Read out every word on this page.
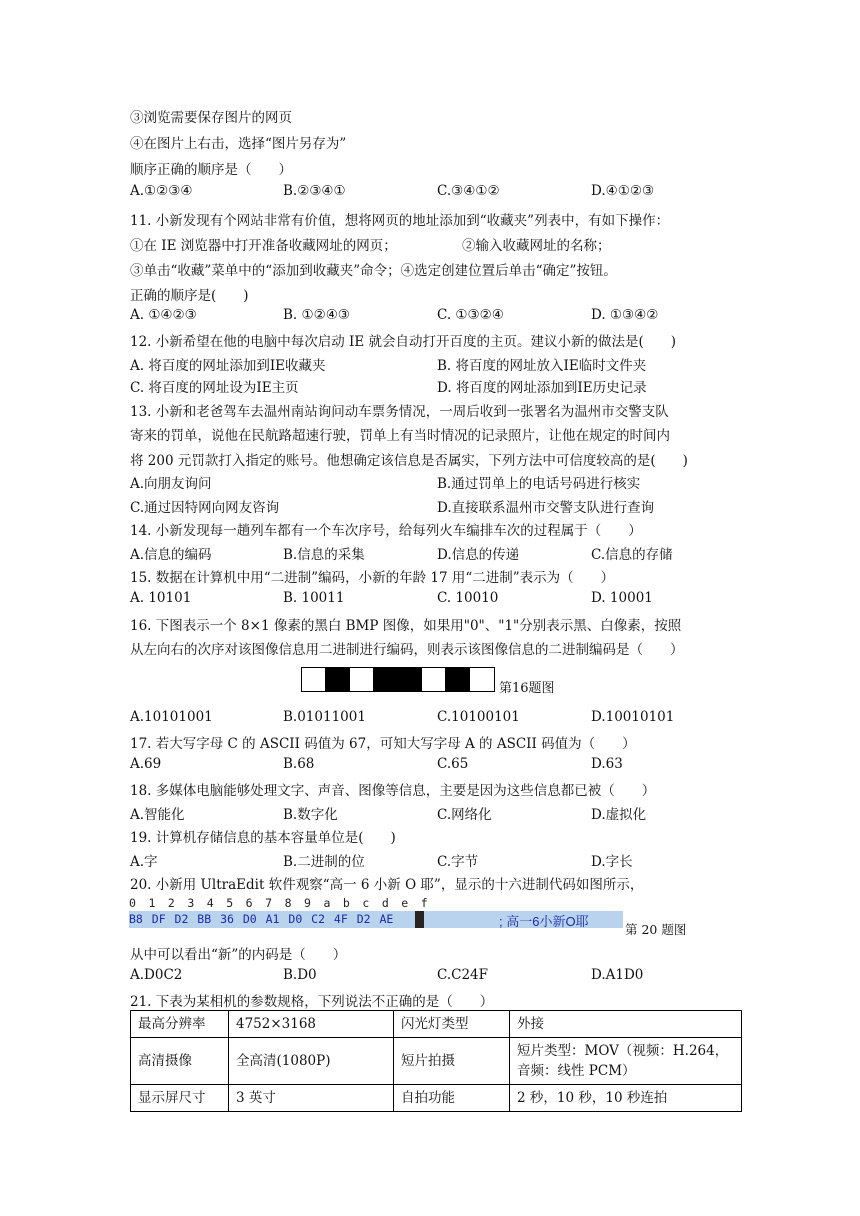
③浏览需要保存图片的网页
④在图片上右击，选择“图片另存为”
顺序正确的顺序是（　　）
A.①②③④	B.②③④①	C.③④①②	D.④①②③
11. 小新发现有个网站非常有价值，想将网页的地址添加到“收藏夹”列表中，有如下操作：
①在 IE 浏览器中打开准备收藏网址的网页；	②输入收藏网址的名称；
③单击“收藏”菜单中的“添加到收藏夹”命令；④选定创建位置后单击“确定”按钮。
正确的顺序是(　　)
A. ①④②③	B. ①②④③	C. ①③②④	D. ①③④②
12. 小新希望在他的电脑中每次启动 IE 就会自动打开百度的主页。建议小新的做法是(　　)
A. 将百度的网址添加到IE收藏夹	B. 将百度的网址放入IE临时文件夹
C. 将百度的网址设为IE主页	D. 将百度的网址添加到IE历史记录
13. 小新和老爸驾车去温州南站询问动车票务情况，一周后收到一张署名为温州市交警支队
寄来的罚单，说他在民航路超速行驶，罚单上有当时情况的记录照片，让他在规定的时间内
将 200 元罚款打入指定的账号。他想确定该信息是否属实，下列方法中可信度较高的是(　　)
A.向朋友询问	B.通过罚单上的电话号码进行核实
C.通过因特网向网友咨询	D.直接联系温州市交警支队进行查询
14. 小新发现每一趟列车都有一个车次序号，给每列火车编排车次的过程属于（　　）
A.信息的编码	B.信息的采集	D.信息的传递	C.信息的存储
15. 数据在计算机中用“二进制”编码，小新的年龄 17 用“二进制”表示为（　　）
A. 10101	B. 10011	C. 10010	D. 10001
16. 下图表示一个 8×1 像素的黑白 BMP 图像，如果用"0"、"1"分别表示黑、白像素，按照
从左向右的次序对该图像信息用二进制进行编码，则表示该图像信息的二进制编码是（　　）
第16题图
A.10101001	B.01011001	C.10100101	D.10010101
17. 若大写字母 C 的 ASCII 码值为 67，可知大写字母 A 的 ASCII 码值为（　　）
A.69	B.68	C.65	D.63
18. 多媒体电脑能够处理文字、声音、图像等信息，主要是因为这些信息都已被（　　）
A.智能化	B.数字化	C.网络化	D.虚拟化
19. 计算机存储信息的基本容量单位是(　　)
A.字	B.二进制的位	C.字节	D.字长
20. 小新用 UltraEdit 软件观察“高一 6 小新 O 耶”，显示的十六进制代码如图所示，
0 1 2 3 4 5 6 7 8 9 a b c d e f
B8 DF D2 BB 36 D0 A1 D0 C2 4F D2 AE	; 高一6小新O耶
第 20 题图
从中可以看出“新”的内码是（　　）
A.D0C2	B.D0	C.C24F	D.A1D0
21. 下表为某相机的参数规格，下列说法不正确的是（　　）
最高分辨率	4752×3168	闪光灯类型	外接
高清摄像	全高清(1080P)	短片拍摄	短片类型：MOV（视频：H.264，音频：线性 PCM）
显示屏尺寸	3 英寸	自拍功能	2 秒，10 秒，10 秒连拍
